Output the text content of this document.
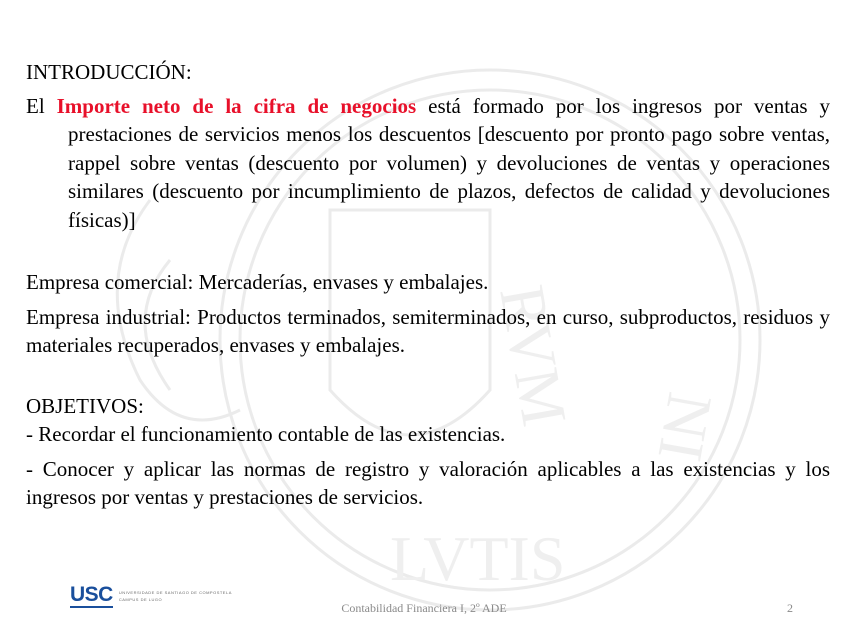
RVM NI
LVTIS

INTRODUCCIÓN:

El Importe neto de la cifra de negocios está formado por los ingresos por ventas y prestaciones de servicios menos los descuentos [descuento por pronto pago sobre ventas, rappel sobre ventas (descuento por volumen) y devoluciones de ventas y operaciones similares (descuento por incumplimiento de plazos, defectos de calidad y devoluciones físicas)]

Empresa comercial: Mercaderías, envases y embalajes.

Empresa industrial: Productos terminados, semiterminados, en curso, subproductos, residuos y materiales recuperados, envases y embalajes.

OBJETIVOS:

- Recordar el funcionamiento contable de las existencias.

- Conocer y aplicar las normas de registro y valoración aplicables a las existencias y los ingresos por ventas y prestaciones de servicios.

USC UNIVERSIDADE DE SANTIAGO DE COMPOSTELA
CAMPUS DE LUGO
Contabilidad Financiera I, 2º ADE	2
